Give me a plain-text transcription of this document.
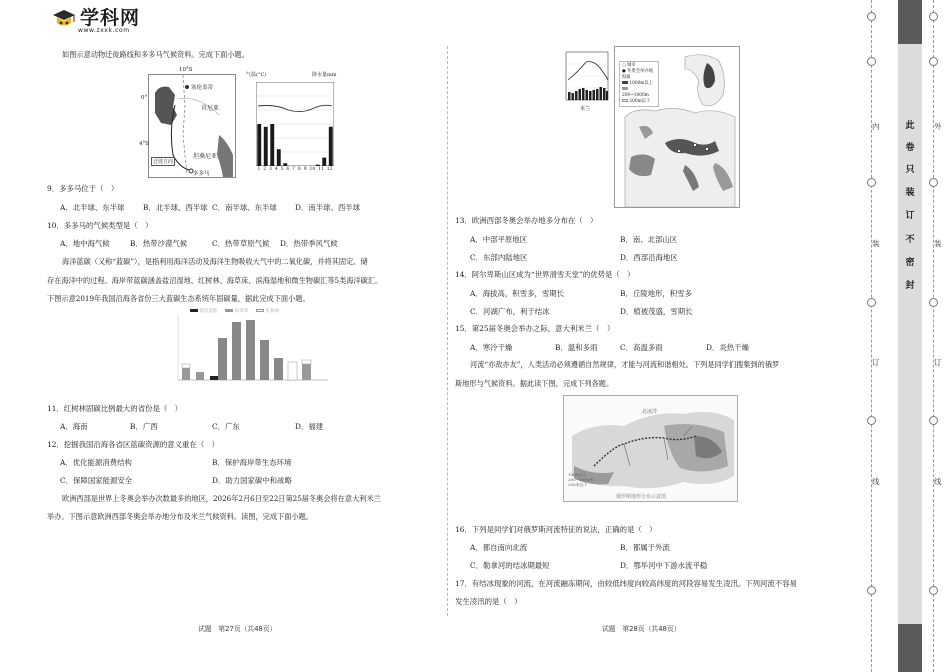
学科网
www.zxxk.com
如图示意动物迁徙路线和多多马气候资料。完成下面小题。
10°S
0°
4°S
塞伦盖蒂
肯尼亚
坦桑尼亚
迁徙方向
多多马
气温(°C)	降水量mm
1 2 3 4 5 6 7 8 9 10 11 12
9．多多马位于（　）
A．北半球、东半球	B．北半球、西半球 C．南半球、东半球 D．南半球、西半球
10．多多马的气候类型是（　）
A．地中海气候	B．热带沙漠气候	C．热带草原气候 D．热带季风气候
海洋蓝碳（又称“蓝碳”），是指利用海洋活动及海洋生物吸收大气中的二氧化碳，并将其固定、储
存在海洋中的过程。海岸带蓝碳涵盖盐沼湿地、红树林、海草床、滨海湿地和微生物碳汇等5类海洋碳汇。
下图示意2019年我国沿海各省份三大蓝碳生态系统年固碳量，据此完成下面小题。
盐沼湿地	海草床	红树林
11．红树林固碳比例最大的省份是（　）
A．海南	B．广西	C．广东	D．福建
12．挖掘我国沿海各省区蓝碳资源的意义重在（　）
A．优化能源消费结构	B．保护海岸带生态环境
C．保障国家能源安全	D．助力国家碳中和战略
欧洲西部是世界上冬奥会举办次数最多的地区，2026年2月6日至22日第25届冬奥会将在意大利米兰
举办。下图示意欧洲西部冬奥会举办地分布及米兰气候资料。读图，完成下面小题。
试题　第27页（共48页）
○ 城市
● 冬奥会举办地
海拔
1000m以上
200~1000m
200m以下
米兰
13．欧洲西部冬奥会举办地多分布在（　）
A．中部平原地区	B．南、北部山区
C．东部内陆地区	D．西部沿海地区
14．阿尔卑斯山区成为“世界滑雪天堂”的优势是（　）
A．海拔高，积雪多，雪期长	B．丘陵地形，积雪多
C．河湖广布，利于结冰	D．植被茂盛，雪期长
15．第25届冬奥会举办之际，意大利米兰（　）
A．寒冷干燥	B．温和多雨	C．高温多雨	D．炎热干燥
河流“亦敌亦友”，人类活动必须遵循自然规律，才能与河流和谐相处。下列是同学们搜集到的俄罗
斯地形与气候资料。据此读下图，完成下列各题。
北冰洋
1000以上
200~1000米
200米以下
俄罗斯地形分布示意图
16．下列是同学们对俄罗斯河流特征的说法，正确的是（　）
A．都自南向北流	B．都属于外流
C．勒拿河的结冰期最短	D．鄂毕河中下游水流平稳
17．有结冰现象的河流，在河流融冻期间，由较低纬度向较高纬度的河段容易发生凌汛。下列河流不容易
发生凌汛的是（　）
试题　第28页（共48页）
内
装
订
线
外
装
订
线
此
卷
只
装
订
不
密
封
